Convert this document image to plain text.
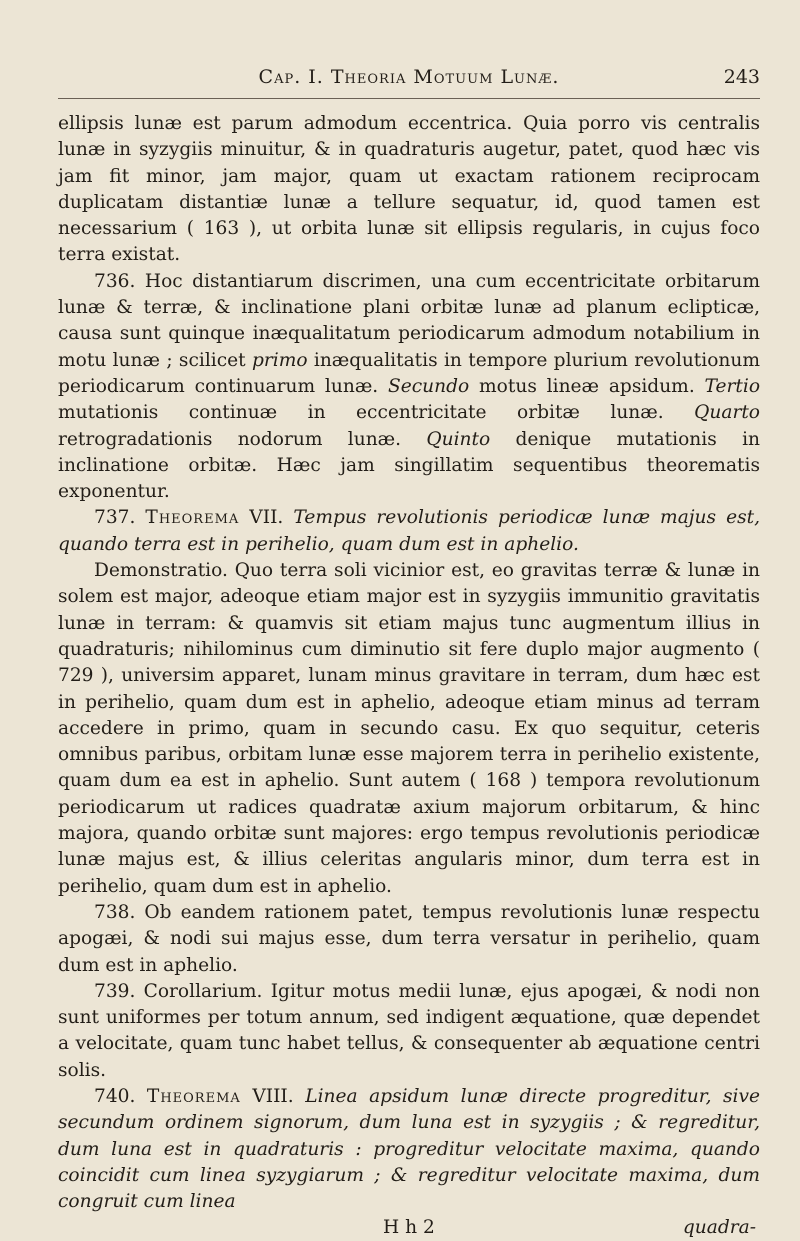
Cap. I. Theoria Motuum Lunæ.	243

ellipsis lunæ est parum admodum eccentrica. Quia porro vis centralis lunæ in syzygiis minuitur, & in quadraturis augetur, patet, quod hæc vis jam fit minor, jam major, quam ut exactam rationem reciprocam duplicatam distantiæ lunæ a tellure sequatur, id, quod tamen est necessarium ( 163 ), ut orbita lunæ sit ellipsis regularis, in cujus foco terra existat.

736. Hoc distantiarum discrimen, una cum eccentricitate orbitarum lunæ & terræ, & inclinatione plani orbitæ lunæ ad planum eclipticæ, causa sunt quinque inæqualitatum periodicarum admodum notabilium in motu lunæ ; scilicet primo inæqualitatis in tempore plurium revolutionum periodicarum continuarum lunæ. Secundo motus lineæ apsidum. Tertio mutationis continuæ in eccentricitate orbitæ lunæ. Quarto retrogradationis nodorum lunæ. Quinto denique mutationis in inclinatione orbitæ. Hæc jam singillatim sequentibus theorematis exponentur.

737. Theorema VII. Tempus revolutionis periodicæ lunæ majus est, quando terra est in perihelio, quam dum est in aphelio.

Demonstratio. Quo terra soli vicinior est, eo gravitas terræ & lunæ in solem est major, adeoque etiam major est in syzygiis immunitio gravitatis lunæ in terram: & quamvis sit etiam majus tunc augmentum illius in quadraturis; nihilominus cum diminutio sit fere duplo major augmento ( 729 ), universim apparet, lunam minus gravitare in terram, dum hæc est in perihelio, quam dum est in aphelio, adeoque etiam minus ad terram accedere in primo, quam in secundo casu. Ex quo sequitur, ceteris omnibus paribus, orbitam lunæ esse majorem terra in perihelio existente, quam dum ea est in aphelio. Sunt autem ( 168 ) tempora revolutionum periodicarum ut radices quadratæ axium majorum orbitarum, & hinc majora, quando orbitæ sunt majores: ergo tempus revolutionis periodicæ lunæ majus est, & illius celeritas angularis minor, dum terra est in perihelio, quam dum est in aphelio.

738. Ob eandem rationem patet, tempus revolutionis lunæ respectu apogæi, & nodi sui majus esse, dum terra versatur in perihelio, quam dum est in aphelio.

739. Corollarium. Igitur motus medii lunæ, ejus apogæi, & nodi non sunt uniformes per totum annum, sed indigent æquatione, quæ dependet a velocitate, quam tunc habet tellus, & consequenter ab æquatione centri solis.

740. Theorema VIII. Linea apsidum lunæ directe progreditur, sive secundum ordinem signorum, dum luna est in syzygiis ; & regreditur, dum luna est in quadraturis : progreditur velocitate maxima, quando coincidit cum linea syzygiarum ; & regreditur velocitate maxima, dum congruit cum linea

H h 2	quadra-
